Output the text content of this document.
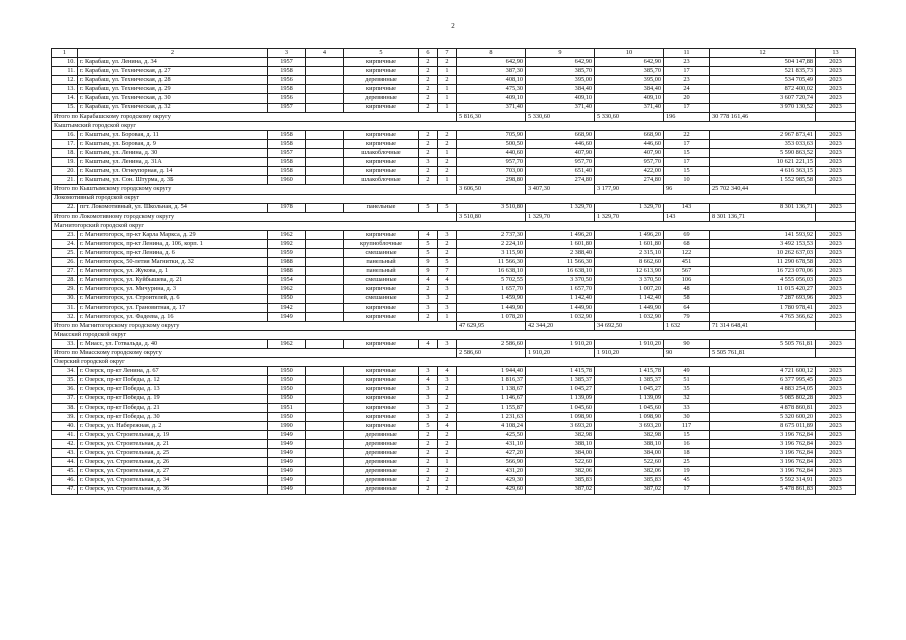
2
1	2	3	4	5	6	7	8	9	10	11	12	13
10.	г. Карабаш, ул. Ленина, д. 34	1957		кирпичные	2	2	642,90	642,90	642,90	23	504 147,88	2023
11.	г. Карабаш, ул. Техническая, д. 27	1958		кирпичные	2	1	387,30	385,70	385,70	17	521 835,73	2023
12.	г. Карабаш, ул. Техническая, д. 28	1956		деревянные	2	2	408,10	395,00	395,00	23	534 705,49	2023
13.	г. Карабаш, ул. Техническая, д. 29	1958		кирпичные	2	1	475,30	384,40	384,40	24	872 400,02	2023
14.	г. Карабаш, ул. Техническая, д. 30	1956		деревянные	2	1	409,10	409,10	409,10	20	3 607 720,74	2023
15.	г. Карабаш, ул. Техническая, д. 32	1957		кирпичные	2	1	371,40	371,40	371,40	17	3 970 130,52	2023
Итого по Карабашскому городскому округу							5 816,30	5 330,60	5 330,60	196	30 778 161,46	
Кыштымский городской округ												
16.	г. Кыштым, ул. Боровая, д. 11	1958		кирпичные	2	2	705,90	668,90	668,90	22	2 967 873,41	2023
17.	г. Кыштым, ул. Боровая, д. 9	1958		кирпичные	2	2	500,50	446,60	446,60	17	353 033,63	2023
18.	г. Кыштым, ул. Ленина, д. 30	1957		шлакоблочные	2	1	440,60	407,90	407,90	15	5 590 863,52	2023
19.	г. Кыштым, ул. Ленина, д. 31А	1958		кирпичные	3	2	957,70	957,70	957,70	17	10 621 221,15	2023
20.	г. Кыштым, ул. Огнеупорная, д. 14	1958		кирпичные	2	2	703,00	651,40	422,00	15	4 616 363,15	2023
21.	г. Кыштым, ул. Сон. Штурма, д. 3Б	1960		шлакоблочные	2	1	298,80	274,80	274,80	10	1 552 985,58	2023
Итого по Кыштымскому городскому округу							3 606,50	3 407,30	3 177,90	96	25 702 340,44	
Локомотивный городской округ												
22.	пгт. Локомотивный, ул. Школьная, д. 54	1978		панельные	5	5	3 510,80	1 329,70	1 329,70	143	8 301 136,71	2023
Итого по Локомотивному городскому округу							3 510,80	1 329,70	1 329,70	143	8 301 136,71	
Магнитогорский городской округ												
23.	г. Магнитогорск, пр-кт Карла Маркса, д. 29	1962		кирпичные	4	3	2 737,30	1 496,20	1 496,20	69	141 593,92	2023
24.	г. Магнитогорск, пр-кт Ленина, д. 106, корп. 1	1992		крупноблочные	5	2	2 224,10	1 601,80	1 601,80	68	3 492 153,53	2023
25.	г. Магнитогорск, пр-кт Ленина, д. 6	1959		смешанные	5	2	3 115,90	2 388,40	2 315,10	122	10 262 637,03	2023
26.	г. Магнитогорск, 50-летия Магнитки, д. 32	1988		панельный	9	5	11 566,30	11 566,30	8 662,60	451	11 290 678,58	2023
27.	г. Магнитогорск, ул. Жукова, д. 1	1988		панельный	9	7	16 638,10	16 638,10	12 613,90	567	16 723 070,06	2023
28.	г. Магнитогорск, ул. Куйбышева, д. 21	1954		смешанные	4	4	5 702,55	3 370,50	3 370,50	106	4 555 056,03	2023
29.	г. Магнитогорск, ул. Мичурина, д. 3	1962		кирпичные	2	3	1 657,70	1 657,70	1 007,20	48	11 015 420,27	2023
30.	г. Магнитогорск, ул. Строителей, д. 6	1950		смешанные	3	2	1 459,90	1 142,40	1 142,40	58	7 287 693,96	2023
31.	г. Магнитогорск, ул. Грановитная, д. 17	1942		кирпичные	3	3	1 449,90	1 449,90	1 449,90	64	1 780 978,41	2023
32.	г. Магнитогорск, ул. Фадеева, д. 16	1949		кирпичные	2	1	1 078,20	1 032,90	1 032,90	79	4 765 366,62	2023
Итого по Магнитогорскому городскому округу							47 629,95	42 344,20	34 692,50	1 632	71 314 648,41	
Миасский городской округ												
33.	г. Миасс, ул. Готвальда, д. 40	1962		кирпичные	4	3	2 586,60	1 910,20	1 910,20	90	5 505 761,81	2023
Итого по Миасскому городскому округу							2 586,60	1 910,20	1 910,20	90	5 505 761,81	
Озерский городской округ												
34.	г. Озерск, пр-кт Ленина, д. 67	1950		кирпичные	3	4	1 944,40	1 415,78	1 415,78	49	4 721 600,12	2023
35.	г. Озерск, пр-кт Победы, д. 12	1950		кирпичные	4	3	1 816,37	1 385,37	1 385,37	51	6 377 995,45	2023
36.	г. Озерск, пр-кт Победы, д. 13	1950		кирпичные	3	2	1 138,67	1 045,27	1 045,27	35	4 883 254,05	2023
37.	г. Озерск, пр-кт Победы, д. 19	1950		кирпичные	3	2	1 146,67	1 139,09	1 139,09	32	5 085 802,28	2023
38.	г. Озерск, пр-кт Победы, д. 21	1951		кирпичные	3	2	1 155,87	1 045,60	1 045,60	33	4 878 860,81	2023
39.	г. Озерск, пр-кт Победы, д. 30	1950		кирпичные	3	2	1 231,63	1 098,90	1 098,90	30	5 320 600,20	2023
40.	г. Озерск, ул. Набережная, д. 2	1990		кирпичные	5	4	4 108,24	3 693,20	3 693,20	117	8 675 011,89	2023
41.	г. Озерск, ул. Строительная, д. 19	1949		деревянные	2	2	425,50	382,98	382,98	15	3 196 762,84	2023
42.	г. Озерск, ул. Строительная, д. 21	1949		деревянные	2	2	431,10	388,10	388,10	16	3 196 762,84	2023
43.	г. Озерск, ул. Строительная, д. 25	1949		деревянные	2	2	427,20	384,00	384,00	18	3 196 762,84	2023
44.	г. Озерск, ул. Строительная, д. 26	1949		деревянные	2	1	566,90	522,60	522,60	25	3 196 762,84	2023
45.	г. Озерск, ул. Строительная, д. 27	1949		деревянные	2	2	431,20	382,06	382,06	19	3 196 762,84	2023
46.	г. Озерск, ул. Строительная, д. 34	1949		деревянные	2	2	429,30	385,83	385,83	45	5 592 314,91	2023
47.	г. Озерск, ул. Строительная, д. 36	1949		деревянные	2	2	429,60	387,02	387,02	17	5 478 861,83	2023
